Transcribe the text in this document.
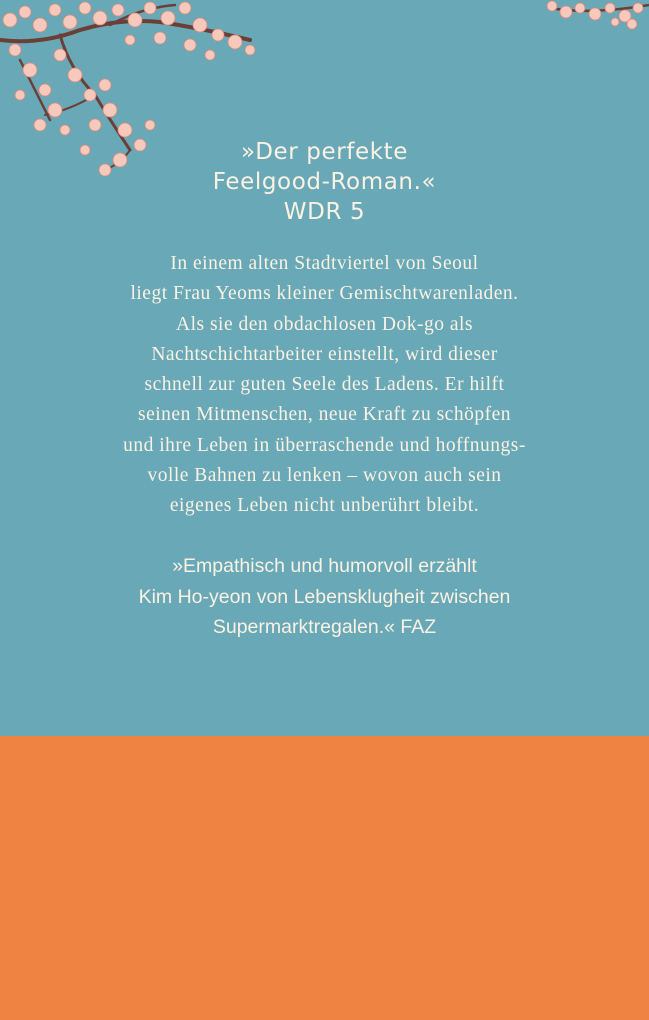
»Der perfekte
Feelgood-Roman.«
WDR 5
In einem alten Stadtviertel von Seoul
liegt Frau Yeoms kleiner Gemischtwarenladen.
Als sie den obdachlosen Dok-go als
Nachtschichtarbeiter einstellt, wird dieser
schnell zur guten Seele des Ladens. Er hilft
seinen Mitmenschen, neue Kraft zu schöpfen
und ihre Leben in überraschende und hoffnungs-
volle Bahnen zu lenken – wovon auch sein
eigenes Leben nicht unberührt bleibt.
»Empathisch und humorvoll erzählt
Kim Ho-yeon von Lebensklugheit zwischen
Supermarktregalen.« FAZ
